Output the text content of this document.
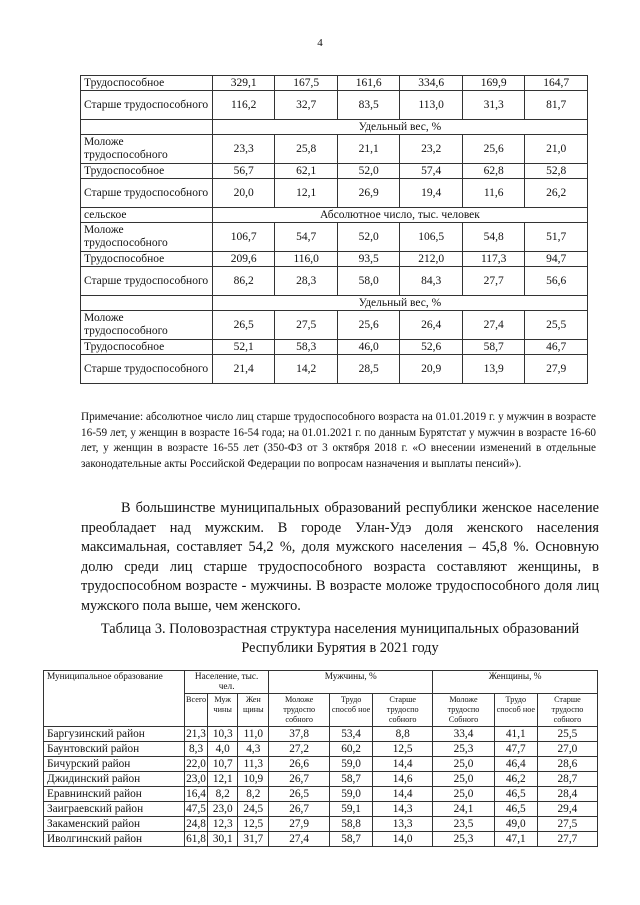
4
Трудоспособное	329,1	167,5	161,6	334,6	169,9	164,7
Старше трудоспособного	116,2	32,7	83,5	113,0	31,3	81,7
	Удельный вес, %					
Моложе трудоспособного	23,3	25,8	21,1	23,2	25,6	21,0
Трудоспособное	56,7	62,1	52,0	57,4	62,8	52,8
Старше трудоспособного	20,0	12,1	26,9	19,4	11,6	26,2
сельское	Абсолютное число, тыс. человек					
Моложе трудоспособного	106,7	54,7	52,0	106,5	54,8	51,7
Трудоспособное	209,6	116,0	93,5	212,0	117,3	94,7
Старше трудоспособного	86,2	28,3	58,0	84,3	27,7	56,6
	Удельный вес, %					
Моложе трудоспособного	26,5	27,5	25,6	26,4	27,4	25,5
Трудоспособное	52,1	58,3	46,0	52,6	58,7	46,7
Старше трудоспособного	21,4	14,2	28,5	20,9	13,9	27,9
Примечание: абсолютное число лиц старше трудоспособного возраста на 01.01.2019 г. у мужчин в возрасте 16-59 лет, у женщин в возрасте 16-54 года; на 01.01.2021 г. по данным Бурятстат у мужчин в возрасте 16-60 лет, у женщин в возрасте 16-55 лет (350-ФЗ от 3 октября 2018 г. «О внесении изменений в отдельные законодательные акты Российской Федерации по вопросам назначения и выплаты пенсий»).
В большинстве муниципальных образований республики женское население преобладает над мужским. В городе Улан-Удэ доля женского населения максимальная, составляет 54,2 %, доля мужского населения – 45,8 %. Основную долю среди лиц старше трудоспособного возраста составляют женщины, в трудоспособном возрасте - мужчины. В возрасте моложе трудоспособного доля лиц мужского пола выше, чем женского.
Таблица 3. Половозрастная структура населения муниципальных образований Республики Бурятия в 2021 году
Муниципальное образование	Население, тыс. чел.			Мужчины, %			Женщины, %		
	Всего	Муж чины	Жен щины	Моложе трудоспо собного	Трудо способ ное	Старше трудоспо собного	Моложе трудоспо Собного	Трудо способ ное	Старше трудоспо собного
Баргузинский район	21,3	10,3	11,0	37,8	53,4	8,8	33,4	41,1	25,5
Баунтовский район	8,3	4,0	4,3	27,2	60,2	12,5	25,3	47,7	27,0
Бичурский район	22,0	10,7	11,3	26,6	59,0	14,4	25,0	46,4	28,6
Джидинский район	23,0	12,1	10,9	26,7	58,7	14,6	25,0	46,2	28,7
Еравнинский район	16,4	8,2	8,2	26,5	59,0	14,4	25,0	46,5	28,4
Заиграевский район	47,5	23,0	24,5	26,7	59,1	14,3	24,1	46,5	29,4
Закаменский район	24,8	12,3	12,5	27,9	58,8	13,3	23,5	49,0	27,5
Иволгинский район	61,8	30,1	31,7	27,4	58,7	14,0	25,3	47,1	27,7
